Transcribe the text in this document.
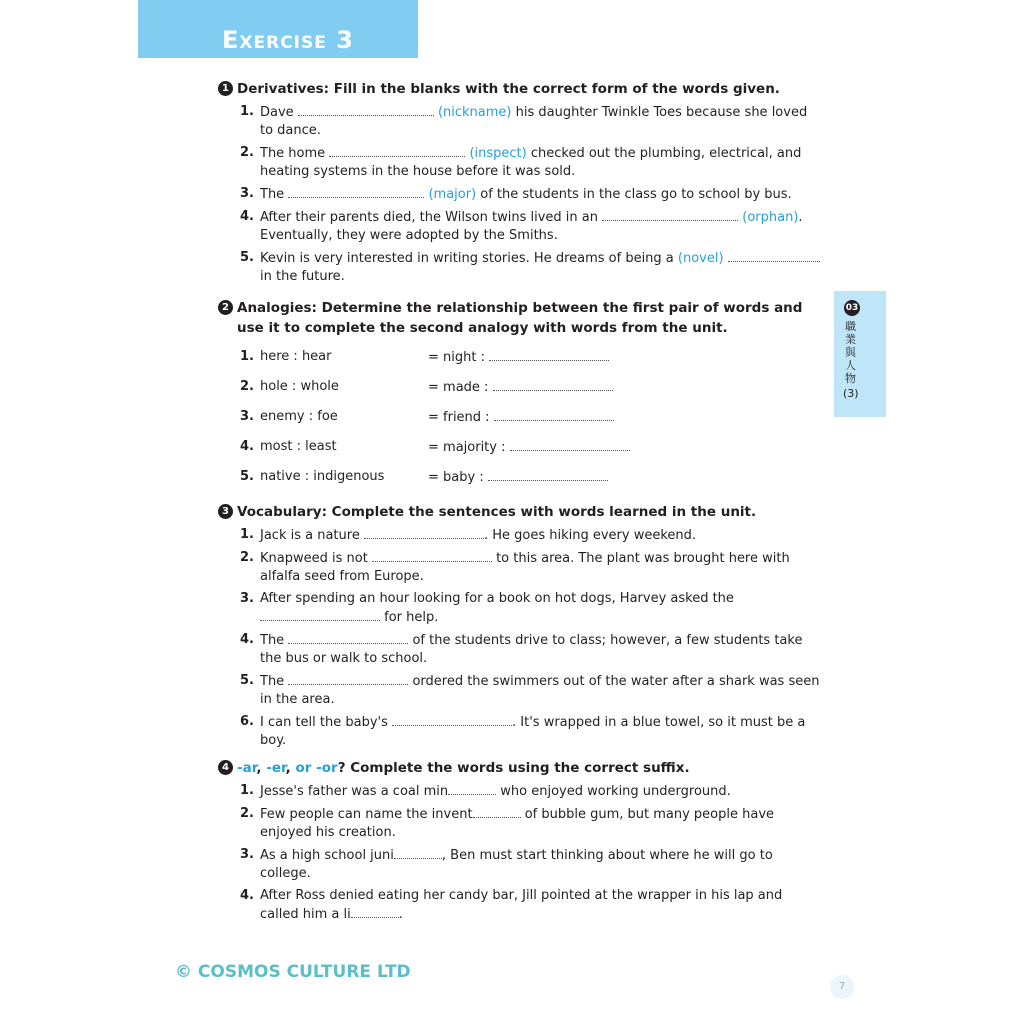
Exercise 3
03
職業與人物
(3)
1 Derivatives: Fill in the blanks with the correct form of the words given.
1. Dave	(nickname) his daughter Twinkle Toes because she loved to dance.
2. The home	(inspect) checked out the plumbing, electrical, and heating systems in the house before it was sold.
3. The	(major) of the students in the class go to school by bus.
4. After their parents died, the Wilson twins lived in an	(orphan). Eventually, they were adopted by the Smiths.
5. Kevin is very interested in writing stories. He dreams of being a (novel)  in the future.
2 Analogies: Determine the relationship between the first pair of words and use it to complete the second analogy with words from the unit.
1. here : hear	= night :
2. hole : whole	= made :
3. enemy : foe	= friend :
4. most : least	= majority :
5. native : indigenous	= baby :
3 Vocabulary: Complete the sentences with words learned in the unit.
1. Jack is a nature	. He goes hiking every weekend.
2. Knapweed is not	to this area. The plant was brought here with alfalfa seed from Europe.
3. After spending an hour looking for a book on hot dogs, Harvey asked the  for help.
4. The	of the students drive to class; however, a few students take the bus or walk to school.
5. The	ordered the swimmers out of the water after a shark was seen in the area.
6. I can tell the baby's	. It's wrapped in a blue towel, so it must be a boy.
4 -ar, -er, or -or? Complete the words using the correct suffix.
1. Jesse's father was a coal min	who enjoyed working underground.
2. Few people can name the invent	of bubble gum, but many people have enjoyed his creation.
3. As a high school juni	, Ben must start thinking about where he will go to college.
4. After Ross denied eating her candy bar, Jill pointed at the wrapper in his lap and called him a li	.
© COSMOS CULTURE LTD
7
